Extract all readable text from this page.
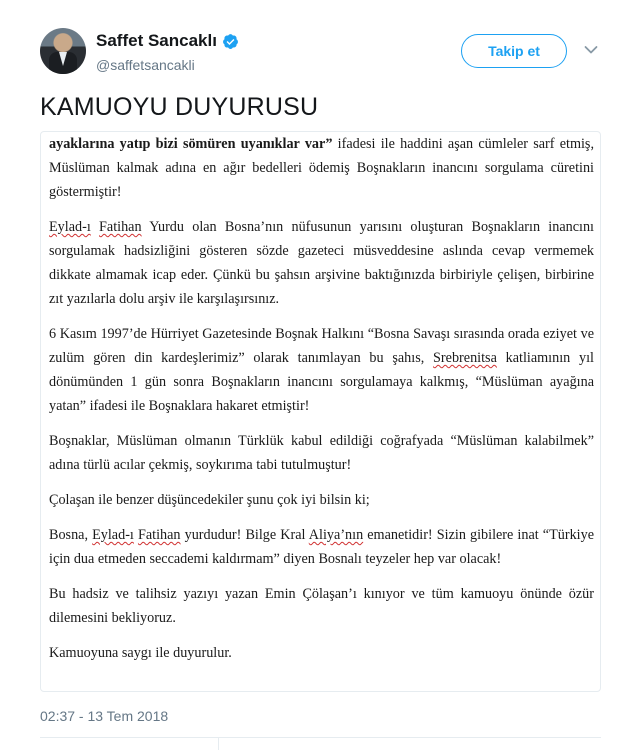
Saffet Sancaklı
@saffetsancakli
Takip et
KAMUOYU DUYURUSU

ayaklarına yatıp bizi sömüren uyanıklar var” ifadesi ile haddini aşan cümleler sarf etmiş, Müslüman kalmak adına en ağır bedelleri ödemiş Boşnakların inancını sorgulama cüretini göstermiştir!

Eylad-ı Fatihan Yurdu olan Bosna’nın nüfusunun yarısını oluşturan Boşnakların inancını sorgulamak hadsizliğini gösteren sözde gazeteci müsveddesine aslında cevap vermemek dikkate almamak icap eder. Çünkü bu şahsın arşivine baktığınızda birbiriyle çelişen, birbirine zıt yazılarla dolu arşiv ile karşılaşırsınız.

6 Kasım 1997’de Hürriyet Gazetesinde Boşnak Halkını “Bosna Savaşı sırasında orada eziyet ve zulüm gören din kardeşlerimiz” olarak tanımlayan bu şahıs, Srebrenitsa katliamının yıl dönümünden 1 gün sonra Boşnakların inancını sorgulamaya kalkmış, “Müslüman ayağına yatan” ifadesi ile Boşnaklara hakaret etmiştir!

Boşnaklar, Müslüman olmanın Türklük kabul edildiği coğrafyada “Müslüman kalabilmek” adına türlü acılar çekmiş, soykırıma tabi tutulmuştur!

Çolaşan ile benzer düşüncedekiler şunu çok iyi bilsin ki;

Bosna, Eylad-ı Fatihan yurdudur! Bilge Kral Aliya’nın emanetidir! Sizin gibilere inat “Türkiye için dua etmeden seccademi kaldırmam” diyen Bosnalı teyzeler hep var olacak!

Bu hadsiz ve talihsiz yazıyı yazan Emin Çölaşan’ı kınıyor ve tüm kamuoyu önünde özür dilemesini bekliyoruz.

Kamuoyuna saygı ile duyurulur.

02:37 - 13 Tem 2018
